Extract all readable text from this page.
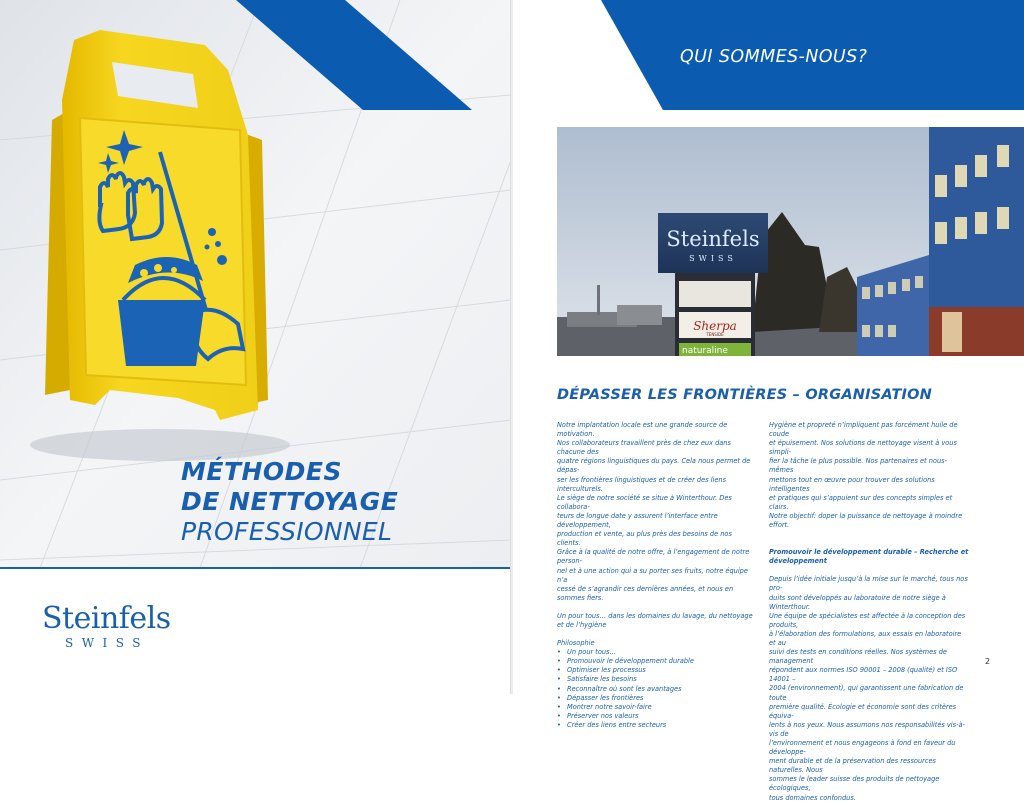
MÉTHODES
DE NETTOYAGE
PROFESSIONNEL
Steinfels
SWISS
QUI SOMMES-NOUS?
Steinfels
SWISS
Sherpa
TENSIDE
naturaline
DÉPASSER LES FRONTIÈRES – ORGANISATION

Notre implantation locale est une grande source de motivation.
Nos collaborateurs travaillent près de chez eux dans chacune des
quatre régions linguistiques du pays. Cela nous permet de dépas-
ser les frontières linguistiques et de créer des liens interculturels.
Le siège de notre société se situe à Winterthour. Des collabora-
teurs de longue date y assurent l’interface entre développement,
production et vente, au plus près des besoins de nos clients.
Grâce à la qualité de notre offre, à l’engagement de notre person-
nel et à une action qui a su porter ses fruits, notre équipe n’a
cessé de s’agrandir ces dernières années, et nous en sommes fiers.

Un pour tous… dans les domaines du lavage, du nettoyage
et de l’hygiène

Philosophie

• Un pour tous…
• Promouvoir le développement durable
• Optimiser les processus
• Satisfaire les besoins
• Reconnaître où sont les avantages
• Dépasser les frontières
• Montrer notre savoir-faire
• Préserver nos valeurs
• Créer des liens entre secteurs

Hygiène et propreté n’impliquent pas forcément huile de coude
et épuisement. Nos solutions de nettoyage visent à vous simpli-
fier la tâche le plus possible. Nos partenaires et nous-mêmes
mettons tout en œuvre pour trouver des solutions intelligentes
et pratiques qui s’appuient sur des concepts simples et clairs.
Notre objectif: doper la puissance de nettoyage à moindre effort.

Promouvoir le développement durable – Recherche et
développement

Depuis l’idée initiale jusqu’à la mise sur le marché, tous nos pro-
duits sont développés au laboratoire de notre siège à Winterthour.
Une équipe de spécialistes est affectée à la conception des produits,
à l’élaboration des formulations, aux essais en laboratoire et au
suivi des tests en conditions réelles. Nos systèmes de management
répondent aux normes ISO 90001 – 2008 (qualité) et ISO 14001 –
2004 (environnement), qui garantissent une fabrication de toute
première qualité. Écologie et économie sont des critères équiva-
lents à nos yeux. Nous assumons nos responsabilités vis-à-vis de
l’environnement et nous engageons à fond en faveur du développe-
ment durable et de la préservation des ressources naturelles. Nous
sommes le leader suisse des produits de nettoyage écologiques,
tous domaines confondus.

2
